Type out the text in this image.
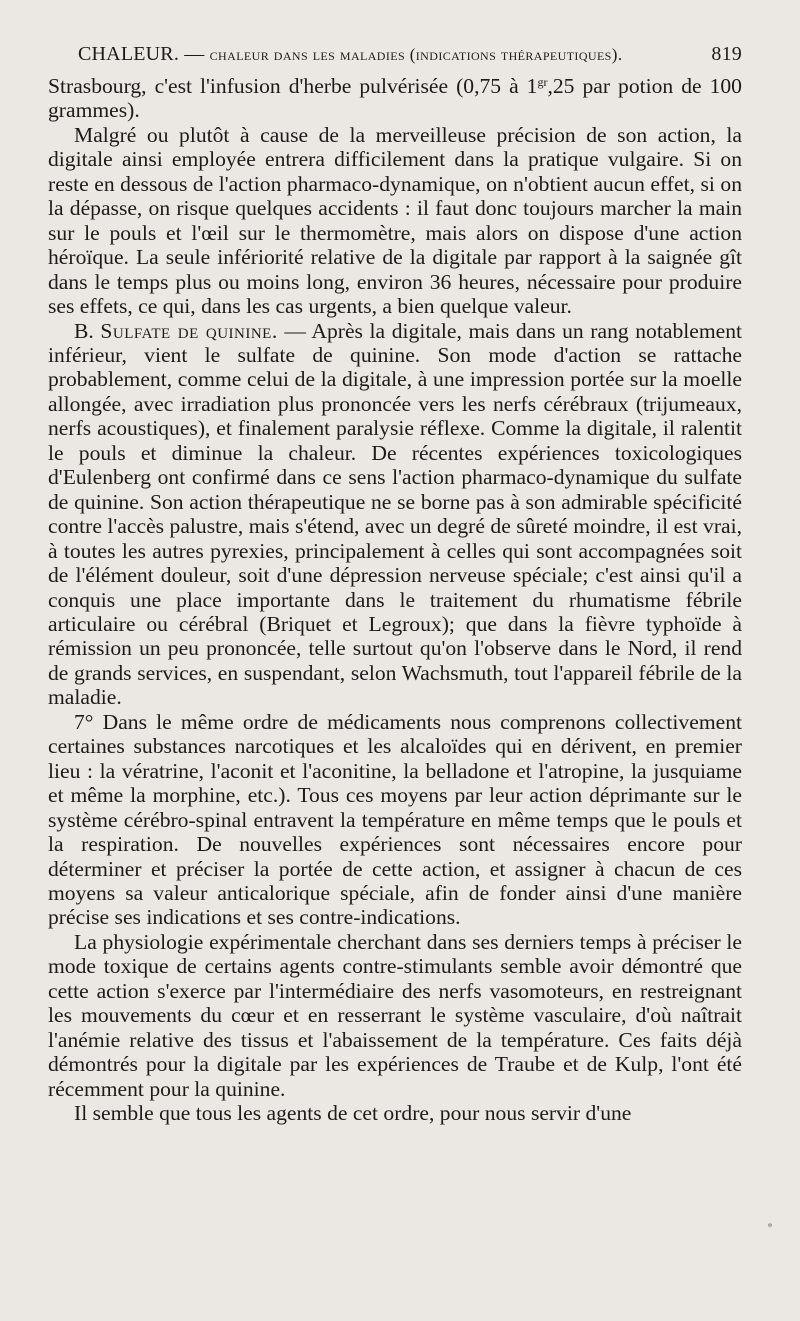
CHALEUR. — chaleur dans les maladies (indications thérapeutiques).	819

Strasbourg, c'est l'infusion d'herbe pulvérisée (0,75 à $1^{gr},25$ par potion de 100 grammes).

Malgré ou plutôt à cause de la merveilleuse précision de son action, la digitale ainsi employée entrera difficilement dans la pratique vulgaire. Si on reste en dessous de l'action pharmaco-dynamique, on n'obtient aucun effet, si on la dépasse, on risque quelques accidents : il faut donc toujours marcher la main sur le pouls et l'œil sur le thermomètre, mais alors on dispose d'une action héroïque. La seule infériorité relative de la digitale par rapport à la saignée gît dans le temps plus ou moins long, environ 36 heures, nécessaire pour produire ses effets, ce qui, dans les cas urgents, a bien quelque valeur.

B. Sulfate de quinine. — Après la digitale, mais dans un rang notablement inférieur, vient le sulfate de quinine. Son mode d'action se rattache probablement, comme celui de la digitale, à une impression portée sur la moelle allongée, avec irradiation plus prononcée vers les nerfs cérébraux (trijumeaux, nerfs acoustiques), et finalement paralysie réflexe. Comme la digitale, il ralentit le pouls et diminue la chaleur. De récentes expériences toxicologiques d'Eulenberg ont confirmé dans ce sens l'action pharmaco-dynamique du sulfate de quinine. Son action thérapeutique ne se borne pas à son admirable spécificité contre l'accès palustre, mais s'étend, avec un degré de sûreté moindre, il est vrai, à toutes les autres pyrexies, principalement à celles qui sont accompagnées soit de l'élément douleur, soit d'une dépression nerveuse spéciale; c'est ainsi qu'il a conquis une place importante dans le traitement du rhumatisme fébrile articulaire ou cérébral (Briquet et Legroux); que dans la fièvre typhoïde à rémission un peu prononcée, telle surtout qu'on l'observe dans le Nord, il rend de grands services, en suspendant, selon Wachsmuth, tout l'appareil fébrile de la maladie.

7° Dans le même ordre de médicaments nous comprenons collectivement certaines substances narcotiques et les alcaloïdes qui en dérivent, en premier lieu : la vératrine, l'aconit et l'aconitine, la belladone et l'atropine, la jusquiame et même la morphine, etc.). Tous ces moyens par leur action déprimante sur le système cérébro-spinal entravent la température en même temps que le pouls et la respiration. De nouvelles expériences sont nécessaires encore pour déterminer et préciser la portée de cette action, et assigner à chacun de ces moyens sa valeur anticalorique spéciale, afin de fonder ainsi d'une manière précise ses indications et ses contre-indications.

La physiologie expérimentale cherchant dans ses derniers temps à préciser le mode toxique de certains agents contre-stimulants semble avoir démontré que cette action s'exerce par l'intermédiaire des nerfs vasomoteurs, en restreignant les mouvements du cœur et en resserrant le système vasculaire, d'où naîtrait l'anémie relative des tissus et l'abaissement de la température. Ces faits déjà démontrés pour la digitale par les expériences de Traube et de Kulp, l'ont été récemment pour la quinine.

Il semble que tous les agents de cet ordre, pour nous servir d'une

﹡
